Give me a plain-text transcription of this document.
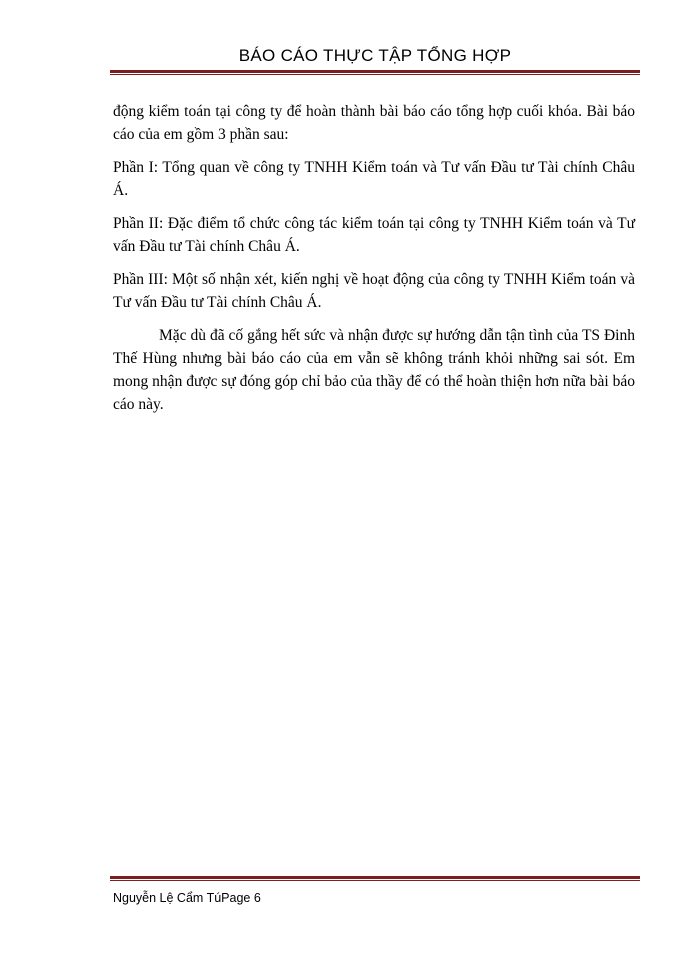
BÁO CÁO THỰC TẬP TỔNG HỢP

động kiểm toán tại công ty để hoàn thành bài báo cáo tổng hợp cuối khóa. Bài báo cáo của em gồm 3 phần sau:

Phần I: Tổng quan về công ty TNHH Kiểm toán và Tư vấn Đầu tư Tài chính Châu Á.

Phần II: Đặc điểm tổ chức công tác kiểm toán tại công ty TNHH Kiểm toán và Tư vấn Đầu tư Tài chính Châu Á.

Phần III: Một số nhận xét, kiến nghị về hoạt động của công ty TNHH Kiểm toán và Tư vấn Đầu tư Tài chính Châu Á.

Mặc dù đã cố gắng hết sức và nhận được sự hướng dẫn tận tình của TS Đinh Thế Hùng nhưng bài báo cáo của em vẫn sẽ không tránh khỏi những sai sót. Em mong nhận được sự đóng góp chỉ bảo của thầy để có thể hoàn thiện hơn nữa bài báo cáo này.

Nguyễn Lệ Cẩm TúPage 6
